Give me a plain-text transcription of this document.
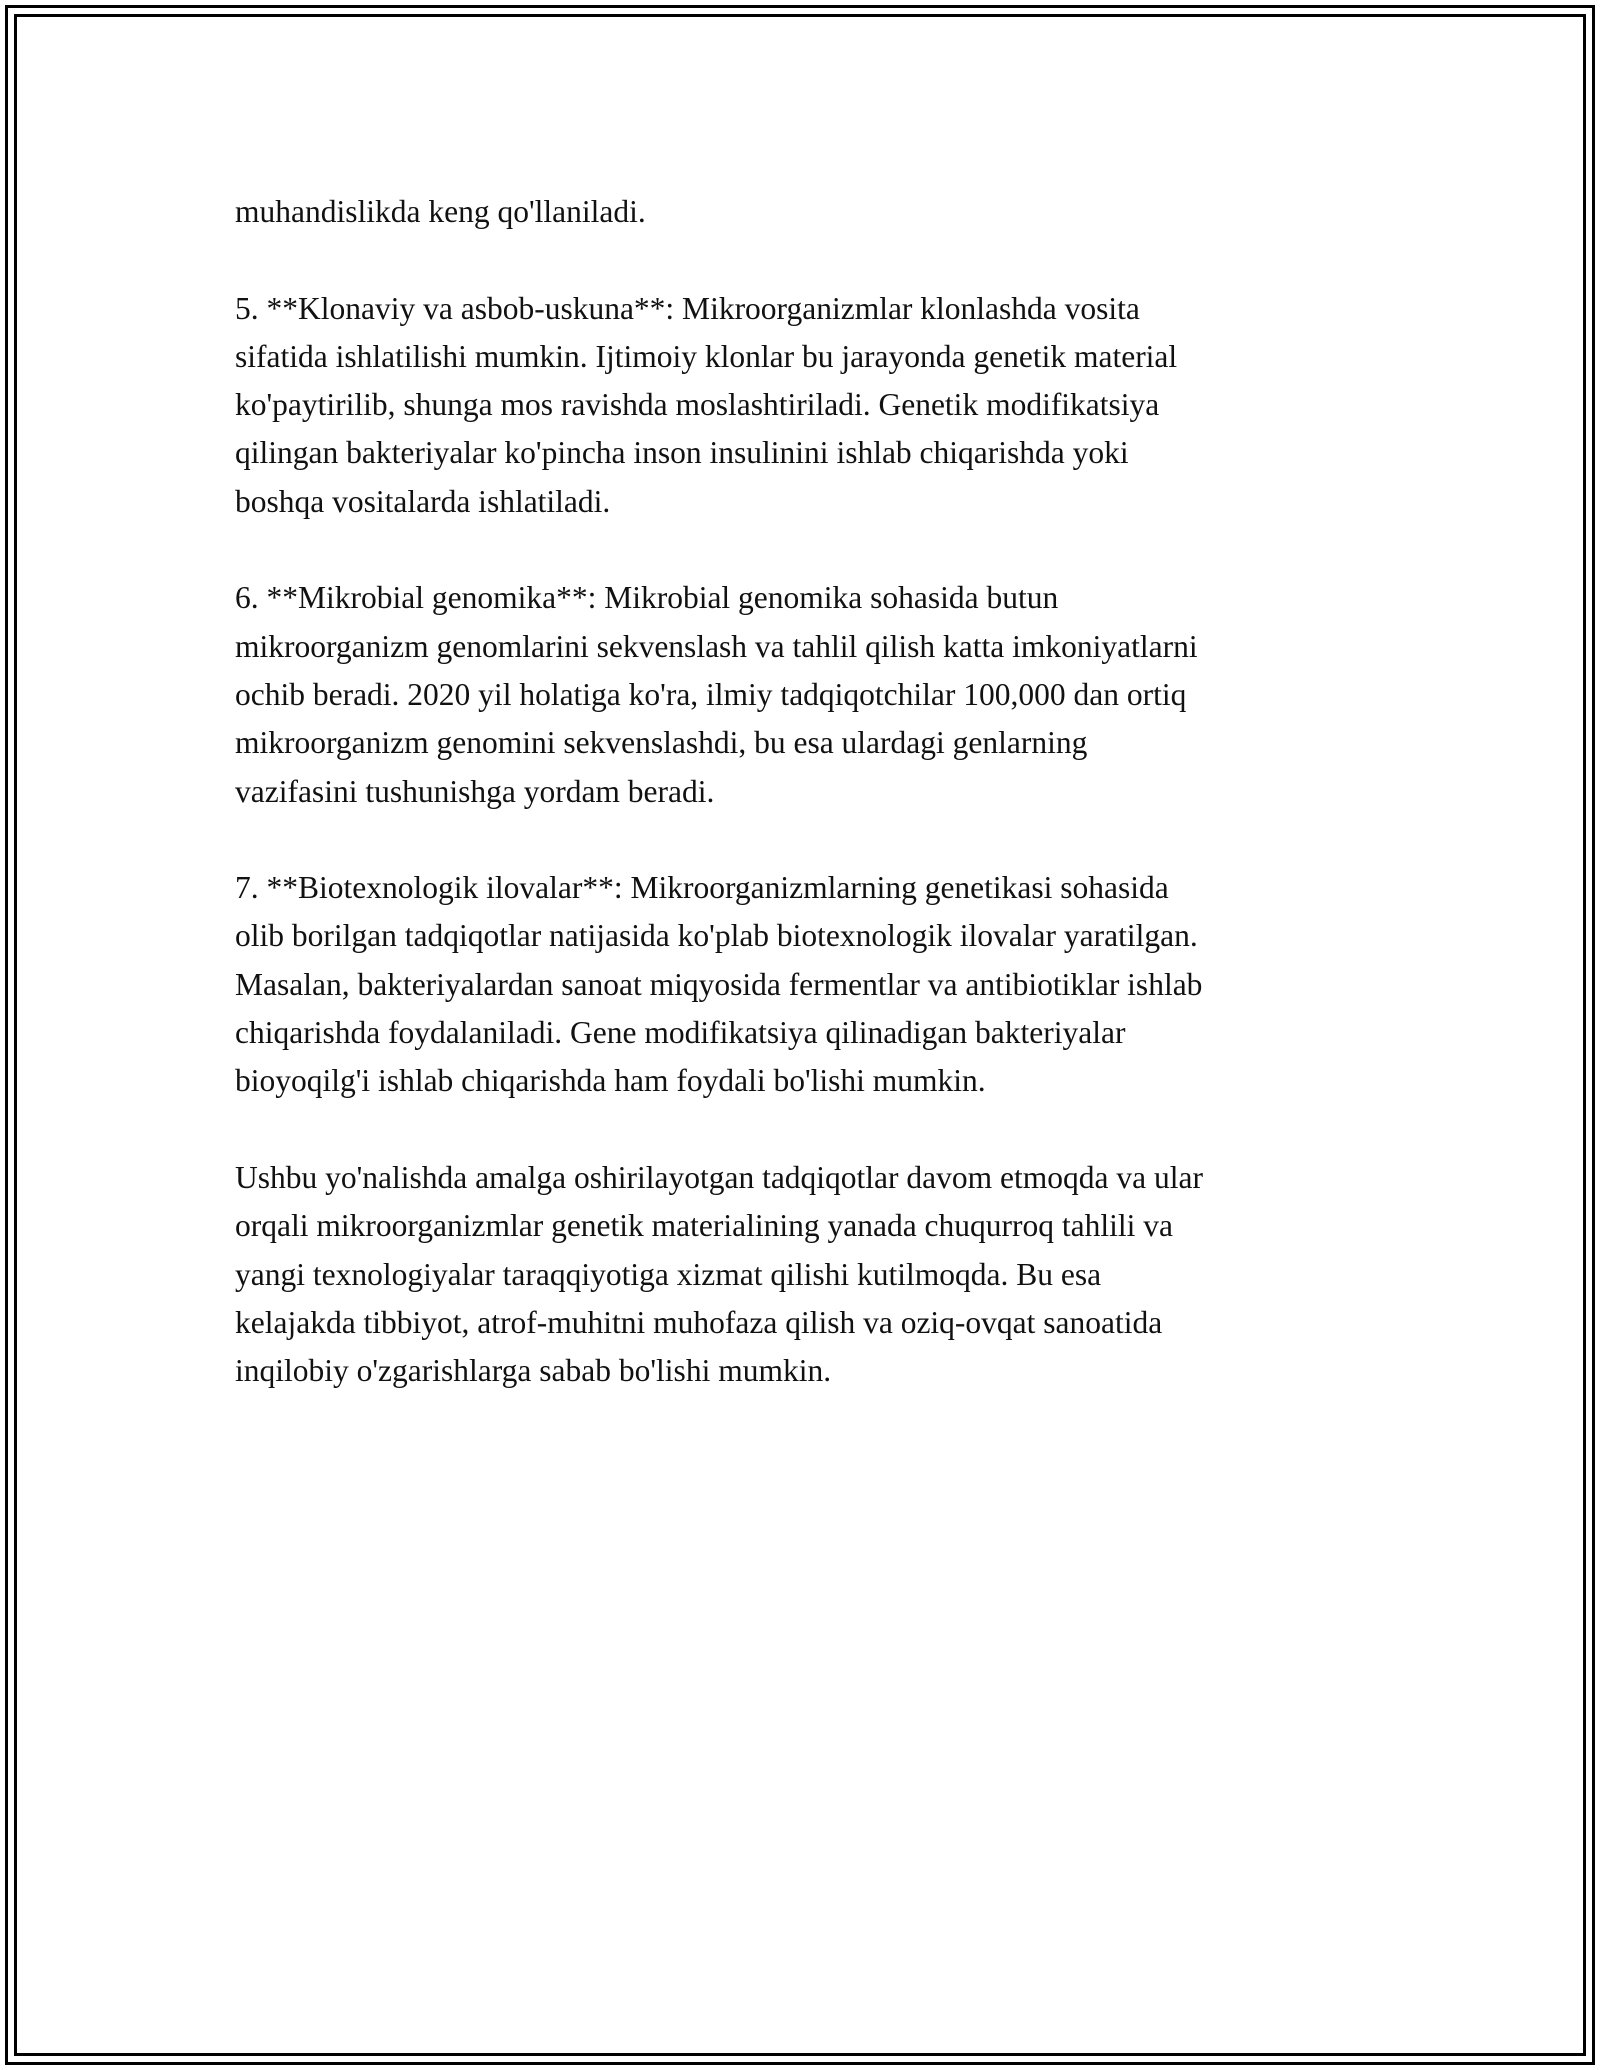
muhandislikda keng qo'llaniladi.

5. **Klonaviy va asbob-uskuna**: Mikroorganizmlar klonlashda vosita
sifatida ishlatilishi mumkin. Ijtimoiy klonlar bu jarayonda genetik material
ko'paytirilib, shunga mos ravishda moslashtiriladi. Genetik modifikatsiya
qilingan bakteriyalar ko'pincha inson insulinini ishlab chiqarishda yoki
boshqa vositalarda ishlatiladi.

6. **Mikrobial genomika**: Mikrobial genomika sohasida butun
mikroorganizm genomlarini sekvenslash va tahlil qilish katta imkoniyatlarni
ochib beradi. 2020 yil holatiga ko'ra, ilmiy tadqiqotchilar 100,000 dan ortiq
mikroorganizm genomini sekvenslashdi, bu esa ulardagi genlarning
vazifasini tushunishga yordam beradi.

7. **Biotexnologik ilovalar**: Mikroorganizmlarning genetikasi sohasida
olib borilgan tadqiqotlar natijasida ko'plab biotexnologik ilovalar yaratilgan.
Masalan, bakteriyalardan sanoat miqyosida fermentlar va antibiotiklar ishlab
chiqarishda foydalaniladi. Gene modifikatsiya qilinadigan bakteriyalar
bioyoqilg'i ishlab chiqarishda ham foydali bo'lishi mumkin.

Ushbu yo'nalishda amalga oshirilayotgan tadqiqotlar davom etmoqda va ular
orqali mikroorganizmlar genetik materialining yanada chuqurroq tahlili va
yangi texnologiyalar taraqqiyotiga xizmat qilishi kutilmoqda. Bu esa
kelajakda tibbiyot, atrof-muhitni muhofaza qilish va oziq-ovqat sanoatida
inqilobiy o'zgarishlarga sabab bo'lishi mumkin.
